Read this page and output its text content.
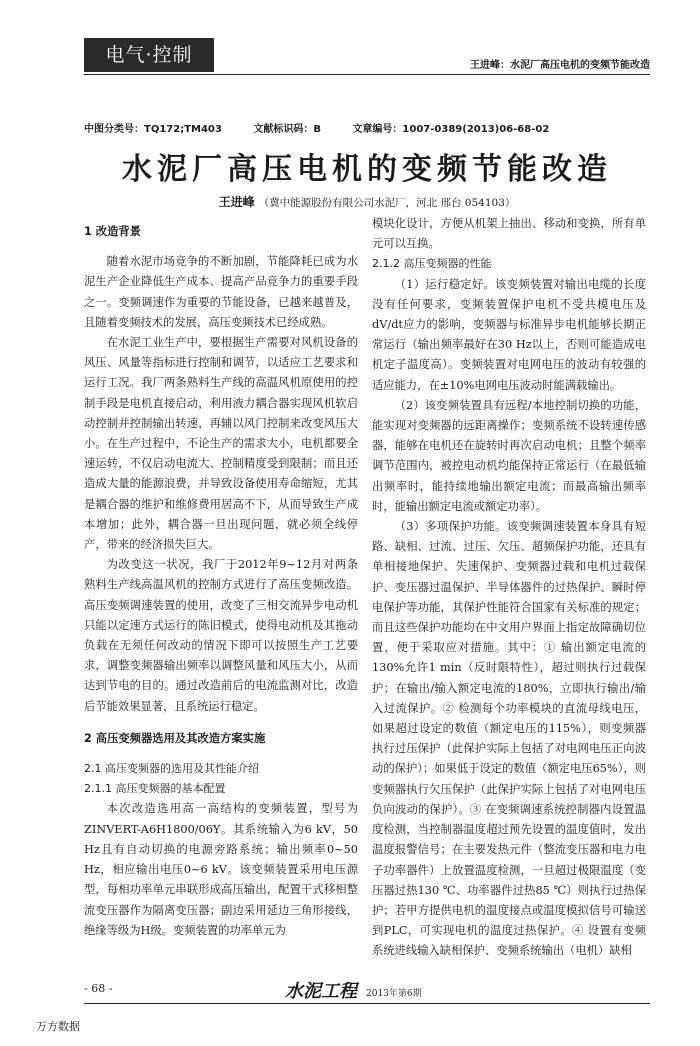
电气·控制	王进峰：水泥厂高压电机的变频节能改造
中图分类号：TQ172;TM403	文献标识码：B	文章编号：1007-0389(2013)06-68-02
水泥厂高压电机的变频节能改造
王进峰 （冀中能源股份有限公司水泥厂，河北 邢台 054103）
1 改造背景

随着水泥市场竞争的不断加剧，节能降耗已成为水泥生产企业降低生产成本、提高产品竞争力的重要手段之一。变频调速作为重要的节能设备，已越来越普及，且随着变频技术的发展，高压变频技术已经成熟。

在水泥工业生产中，要根据生产需要对风机设备的风压、风量等指标进行控制和调节，以适应工艺要求和运行工况。我厂两条熟料生产线的高温风机原使用的控制手段是电机直接启动，利用液力耦合器实现风机软启动控制并控制输出转速，再辅以风门控制来改变风压大小。在生产过程中，不论生产的需求大小，电机都要全速运转，不仅启动电流大、控制精度受到限制；而且还造成大量的能源浪费，并导致设备使用寿命缩短，尤其是耦合器的维护和维修费用居高不下，从而导致生产成本增加；此外，耦合器一旦出现问题，就必须全线停产，带来的经济损失巨大。

为改变这一状况，我厂于2012年9~12月对两条熟料生产线高温风机的控制方式进行了高压变频改造。高压变频调速装置的使用，改变了三相交流异步电动机只能以定速方式运行的陈旧模式，使得电动机及其拖动负载在无须任何改动的情况下即可以按照生产工艺要求，调整变频器输出频率以调整风量和风压大小，从而达到节电的目的。通过改造前后的电流监测对比，改造后节能效果显著，且系统运行稳定。

2 高压变频器选用及其改造方案实施
2.1 高压变频器的选用及其性能介绍
2.1.1 高压变频器的基本配置

本次改造选用高一高结构的变频装置，型号为ZINVERT-A6H1800/06Y。其系统输入为6 kV，50 Hz且有自动切换的电源旁路系统；输出频率0~50 Hz，相应输出电压0~6 kV。该变频装置采用电压源型，每相功率单元串联形成高压输出，配置干式移相整流变压器作为隔离变压器；副边采用延边三角形接线，绝缘等级为H级。变频装置的功率单元为

模块化设计，方便从机架上抽出、移动和变换，所有单元可以互换。

2.1.2 高压变频器的性能

（1）运行稳定好。该变频装置对输出电缆的长度没有任何要求，变频装置保护电机不受共模电压及dV/dt应力的影响，变频器与标准异步电机能够长期正常运行（输出频率最好在30 Hz以上，否则可能造成电机定子温度高）。变频装置对电网电压的波动有较强的适应能力，在±10%电网电压波动时能满载输出。

（2）该变频装置具有远程/本地控制切换的功能，能实现对变频器的远距离操作；变频系统不设转速传感器，能够在电机还在旋转时再次启动电机；且整个频率调节范围内，被控电动机均能保持正常运行（在最低输出频率时，能持续地输出额定电流；而最高输出频率时，能输出额定电流或额定功率）。

（3）多项保护功能。该变频调速装置本身具有短路、缺相、过流、过压、欠压、超频保护功能，还具有单相接地保护、失速保护、变频器过载和电机过载保护、变压器过温保护、半导体器件的过热保护、瞬时停电保护等功能，其保护性能符合国家有关标准的规定；而且这些保护功能均在中文用户界面上指定故障确切位置，便于采取应对措施。其中：① 输出额定电流的130%允许1 min（反时限特性），超过则执行过载保护；在输出/输入额定电流的180%，立即执行输出/输入过流保护。② 检测每个功率模块的直流母线电压，如果超过设定的数值（额定电压的115%），则变频器执行过压保护（此保护实际上包括了对电网电压正向波动的保护）；如果低于设定的数值（额定电压65%），则变频器执行欠压保护（此保护实际上包括了对电网电压负向波动的保护）。③ 在变频调速系统控制器内设置温度检测，当控制器温度超过预先设置的温度值时，发出温度报警信号；在主要发热元件（整流变压器和电力电子功率器件）上放置温度检测，一旦超过极限温度（变压器过热130 ℃、功率器件过热85 ℃）则执行过热保护；若甲方提供电机的温度接点或温度模拟信号可输送到PLC，可实现电机的温度过热保护。④ 设置有变频系统进线输入缺相保护、变频系统输出（电机）缺相

- 68 -	水泥工程 2013年第6期
万方数据
